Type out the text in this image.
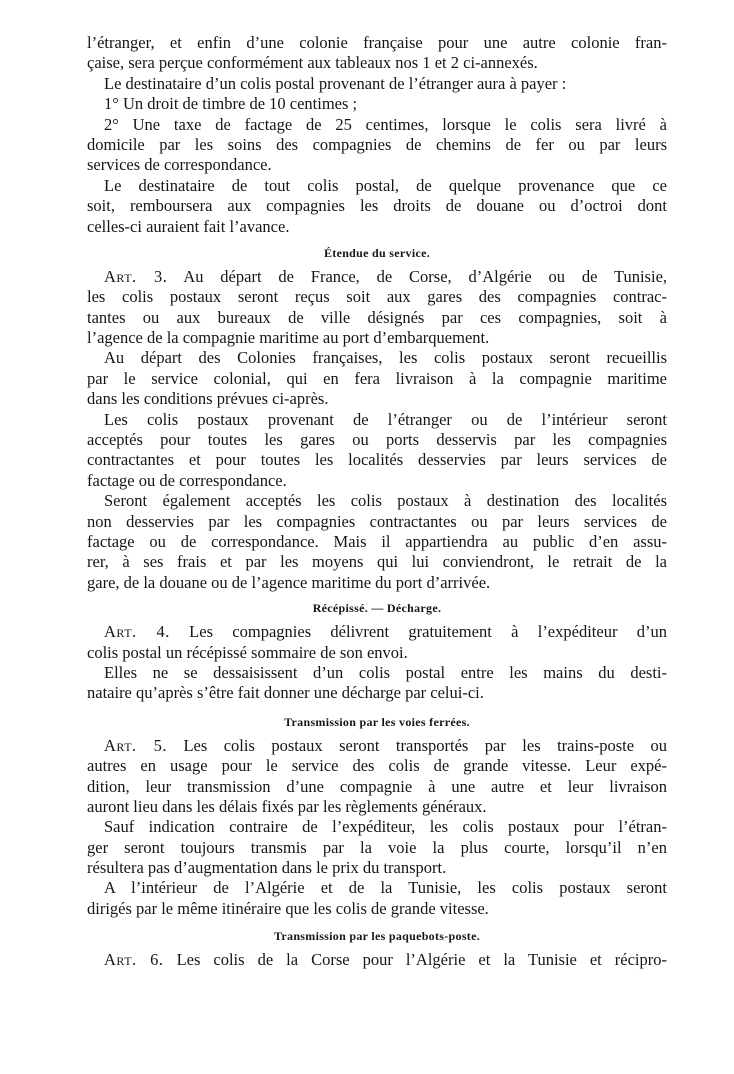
l’étranger, et enfin d’une colonie française pour une autre colonie fran-
çaise, sera perçue conformément aux tableaux nos 1 et 2 ci-annexés.
Le destinataire d’un colis postal provenant de l’étranger aura à payer :
1° Un droit de timbre de 10 centimes ;
2° Une taxe de factage de 25 centimes, lorsque le colis sera livré à
domicile par les soins des compagnies de chemins de fer ou par leurs
services de correspondance.
Le destinataire de tout colis postal, de quelque provenance que ce
soit, remboursera aux compagnies les droits de douane ou d’octroi dont
celles-ci auraient fait l’avance.
Étendue du service.
Art. 3. Au départ de France, de Corse, d’Algérie ou de Tunisie,
les colis postaux seront reçus soit aux gares des compagnies contrac-
tantes ou aux bureaux de ville désignés par ces compagnies, soit à
l’agence de la compagnie maritime au port d’embarquement.
Au départ des Colonies françaises, les colis postaux seront recueillis
par le service colonial, qui en fera livraison à la compagnie maritime
dans les conditions prévues ci-après.
Les colis postaux provenant de l’étranger ou de l’intérieur seront
acceptés pour toutes les gares ou ports desservis par les compagnies
contractantes et pour toutes les localités desservies par leurs services de
factage ou de correspondance.
Seront également acceptés les colis postaux à destination des localités
non desservies par les compagnies contractantes ou par leurs services de
factage ou de correspondance. Mais il appartiendra au public d’en assu-
rer, à ses frais et par les moyens qui lui conviendront, le retrait de la
gare, de la douane ou de l’agence maritime du port d’arrivée.
Récépissé. — Décharge.
Art. 4. Les compagnies délivrent gratuitement à l’expéditeur d’un
colis postal un récépissé sommaire de son envoi.
Elles ne se dessaisissent d’un colis postal entre les mains du desti-
nataire qu’après s’être fait donner une décharge par celui-ci.
Transmission par les voies ferrées.
Art. 5. Les colis postaux seront transportés par les trains-poste ou
autres en usage pour le service des colis de grande vitesse. Leur expé-
dition, leur transmission d’une compagnie à une autre et leur livraison
auront lieu dans les délais fixés par les règlements généraux.
Sauf indication contraire de l’expéditeur, les colis postaux pour l’étran-
ger seront toujours transmis par la voie la plus courte, lorsqu’il n’en
résultera pas d’augmentation dans le prix du transport.
A l’intérieur de l’Algérie et de la Tunisie, les colis postaux seront
dirigés par le même itinéraire que les colis de grande vitesse.
Transmission par les paquebots-poste.
Art. 6. Les colis de la Corse pour l’Algérie et la Tunisie et récipro-
